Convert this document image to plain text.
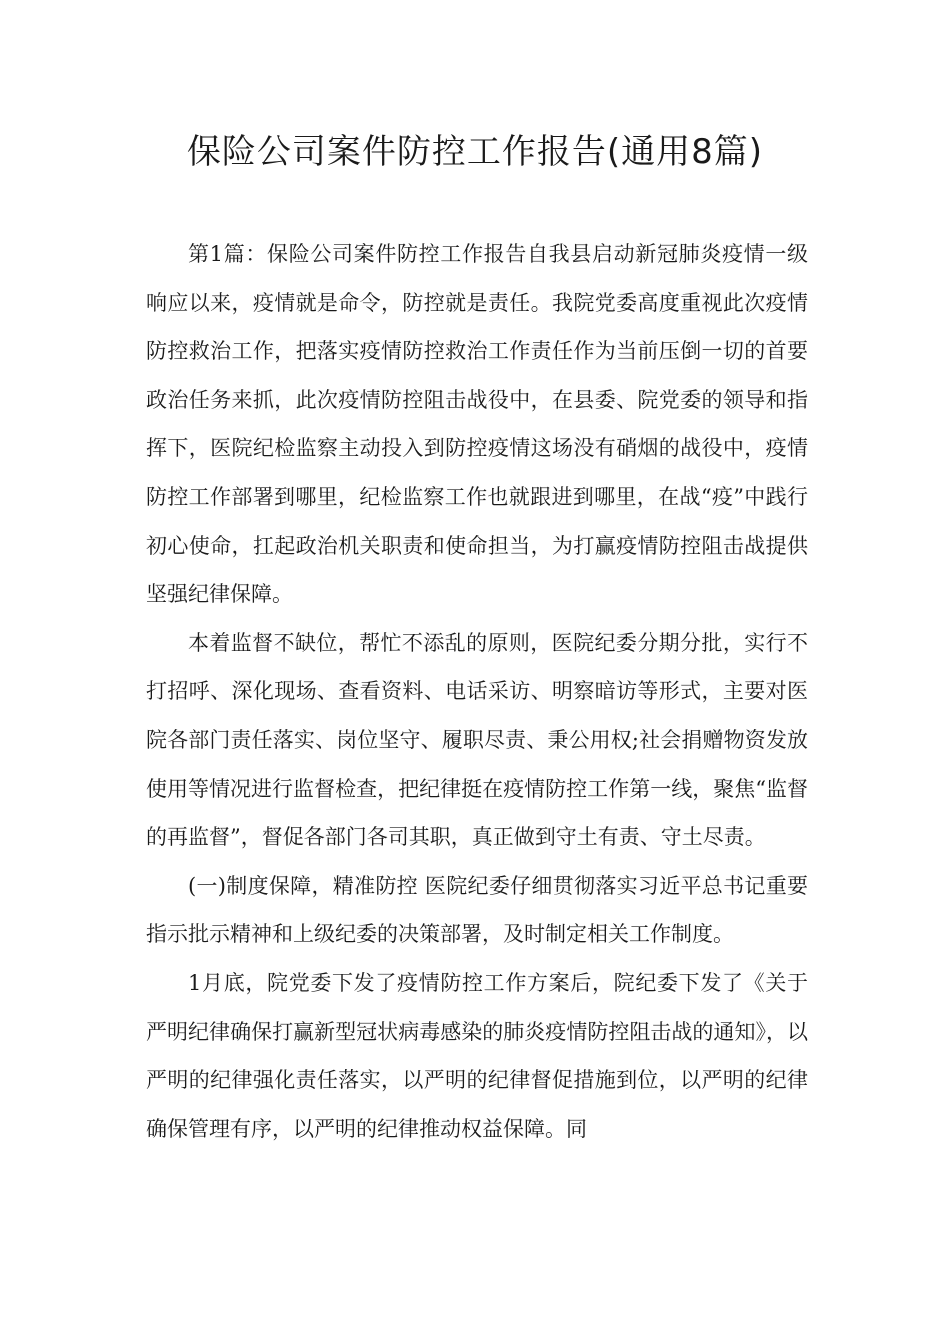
保险公司案件防控工作报告(通用8篇)

第1篇：保险公司案件防控工作报告自我县启动新冠肺炎疫情一级响应以来，疫情就是命令，防控就是责任。我院党委高度重视此次疫情防控救治工作，把落实疫情防控救治工作责任作为当前压倒一切的首要政治任务来抓，此次疫情防控阻击战役中，在县委、院党委的领导和指挥下，医院纪检监察主动投入到防控疫情这场没有硝烟的战役中，疫情防控工作部署到哪里，纪检监察工作也就跟进到哪里，在战“疫”中践行初心使命，扛起政治机关职责和使命担当，为打赢疫情防控阻击战提供坚强纪律保障。

本着监督不缺位，帮忙不添乱的原则，医院纪委分期分批，实行不打招呼、深化现场、查看资料、电话采访、明察暗访等形式，主要对医院各部门责任落实、岗位坚守、履职尽责、秉公用权;社会捐赠物资发放使用等情况进行监督检查，把纪律挺在疫情防控工作第一线，聚焦“监督的再监督”，督促各部门各司其职，真正做到守土有责、守土尽责。

(一)制度保障，精准防控 医院纪委仔细贯彻落实习近平总书记重要指示批示精神和上级纪委的决策部署，及时制定相关工作制度。

1月底，院党委下发了疫情防控工作方案后，院纪委下发了《关于严明纪律确保打赢新型冠状病毒感染的肺炎疫情防控阻击战的通知》，以严明的纪律强化责任落实，以严明的纪律督促措施到位，以严明的纪律确保管理有序，以严明的纪律推动权益保障。同
